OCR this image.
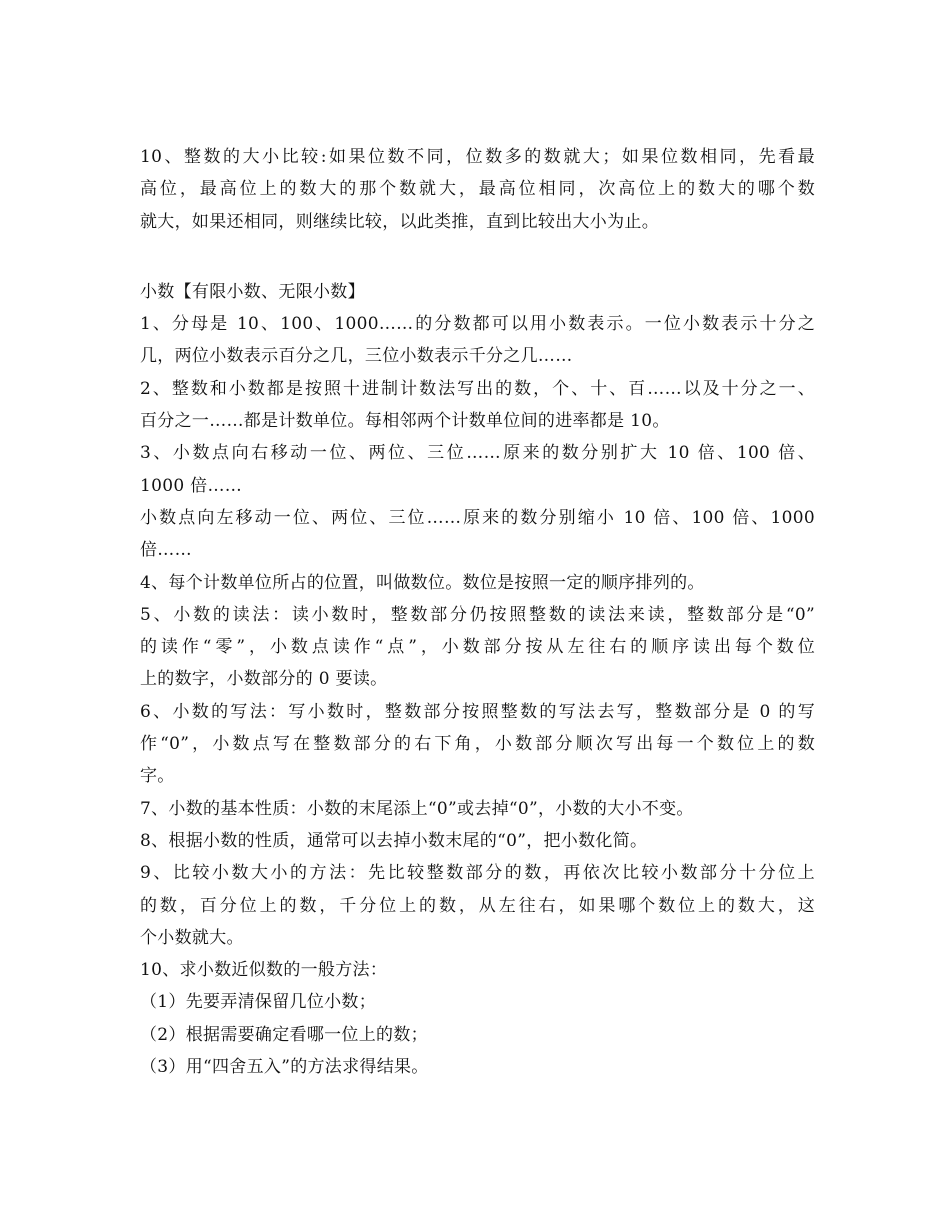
10、整数的大小比较:如果位数不同，位数多的数就大；如果位数相同，先看最
高位，最高位上的数大的那个数就大，最高位相同，次高位上的数大的哪个数
就大，如果还相同，则继续比较，以此类推，直到比较出大小为止。
小数【有限小数、无限小数】
1、分母是 10、100、1000……的分数都可以用小数表示。一位小数表示十分之
几，两位小数表示百分之几，三位小数表示千分之几……
2、整数和小数都是按照十进制计数法写出的数，个、十、百……以及十分之一、
百分之一……都是计数单位。每相邻两个计数单位间的进率都是 10。
3、小数点向右移动一位、两位、三位……原来的数分别扩大 10 倍、100 倍、
1000 倍……
小数点向左移动一位、两位、三位……原来的数分别缩小 10 倍、100 倍、1000
倍……
4、每个计数单位所占的位置，叫做数位。数位是按照一定的顺序排列的。
5、小数的读法：读小数时，整数部分仍按照整数的读法来读，整数部分是“0”
的读作“零”，小数点读作“点”，小数部分按从左往右的顺序读出每个数位
上的数字，小数部分的 0 要读。
6、小数的写法：写小数时，整数部分按照整数的写法去写，整数部分是 0 的写
作“0”，小数点写在整数部分的右下角，小数部分顺次写出每一个数位上的数
字。
7、小数的基本性质：小数的末尾添上“0”或去掉“0”，小数的大小不变。
8、根据小数的性质，通常可以去掉小数末尾的“0”，把小数化简。
9、比较小数大小的方法：先比较整数部分的数，再依次比较小数部分十分位上
的数，百分位上的数，千分位上的数，从左往右，如果哪个数位上的数大，这
个小数就大。
10、求小数近似数的一般方法：
（1）先要弄清保留几位小数；
（2）根据需要确定看哪一位上的数；
（3）用“四舍五入”的方法求得结果。
